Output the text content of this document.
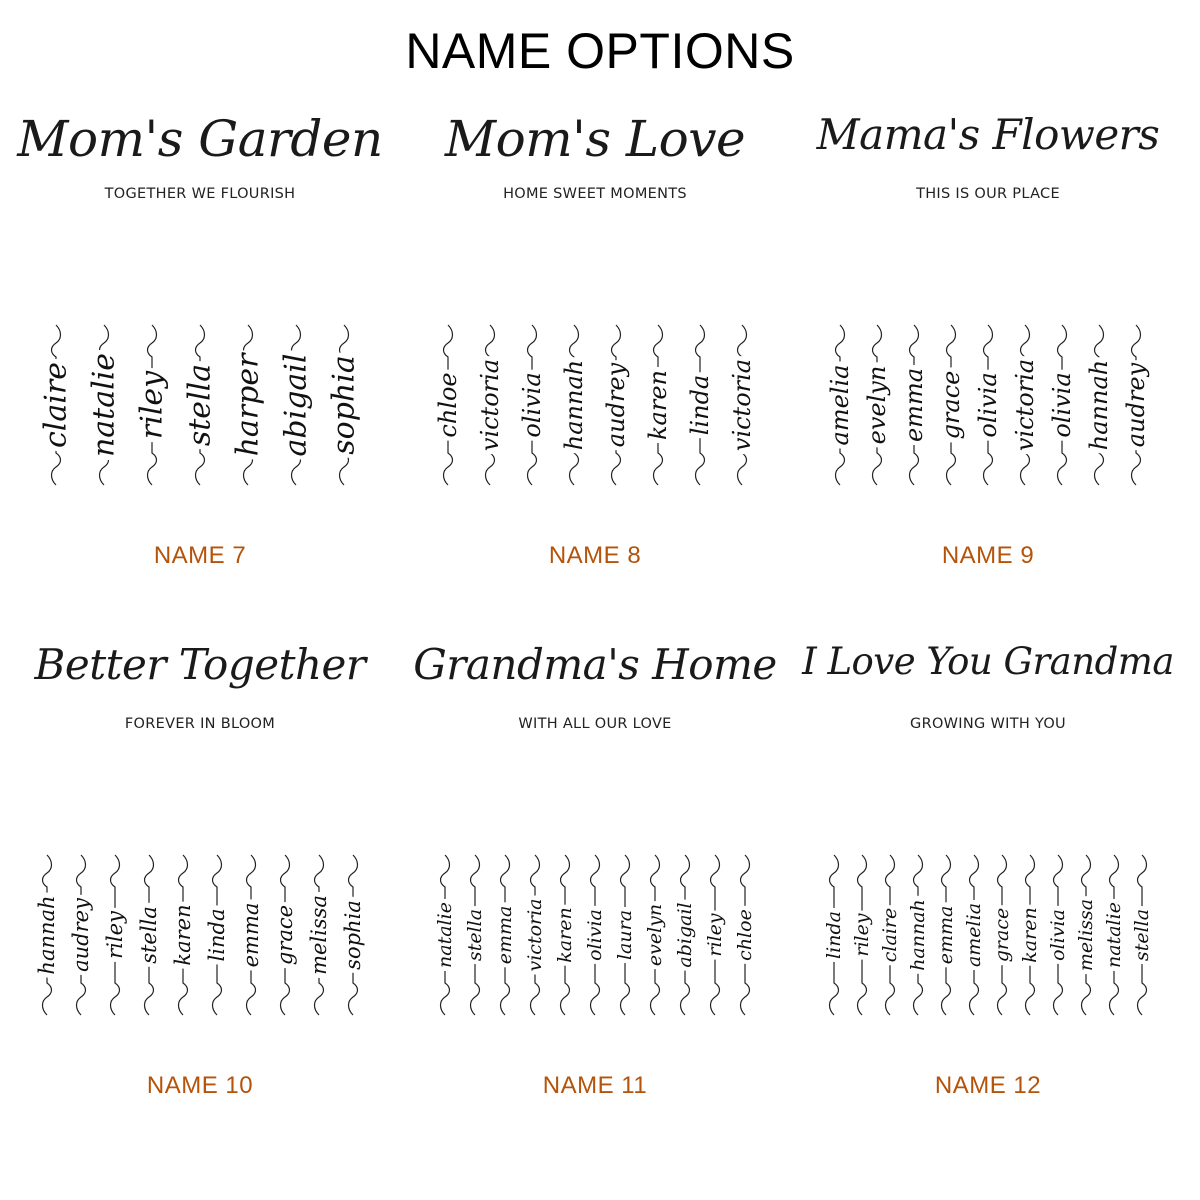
NAME OPTIONS
Mom's Garden
TOGETHER WE FLOURISH
claire natalie riley stella harper abigail sophia
NAME 7
Mom's Love
HOME SWEET MOMENTS
chloe victoria olivia hannah audrey karen linda victoria
NAME 8
Mama's Flowers
THIS IS OUR PLACE
amelia evelyn emma grace olivia victoria olivia hannah audrey
NAME 9
Better Together
FOREVER IN BLOOM
hannah audrey riley stella karen linda emma grace melissa sophia
NAME 10
Grandma's Home
WITH ALL OUR LOVE
natalie stella emma victoria karen olivia laura evelyn abigail riley chloe
NAME 11
I Love You Grandma
GROWING WITH YOU
linda riley claire hannah emma amelia grace karen olivia melissa natalie stella
NAME 12
